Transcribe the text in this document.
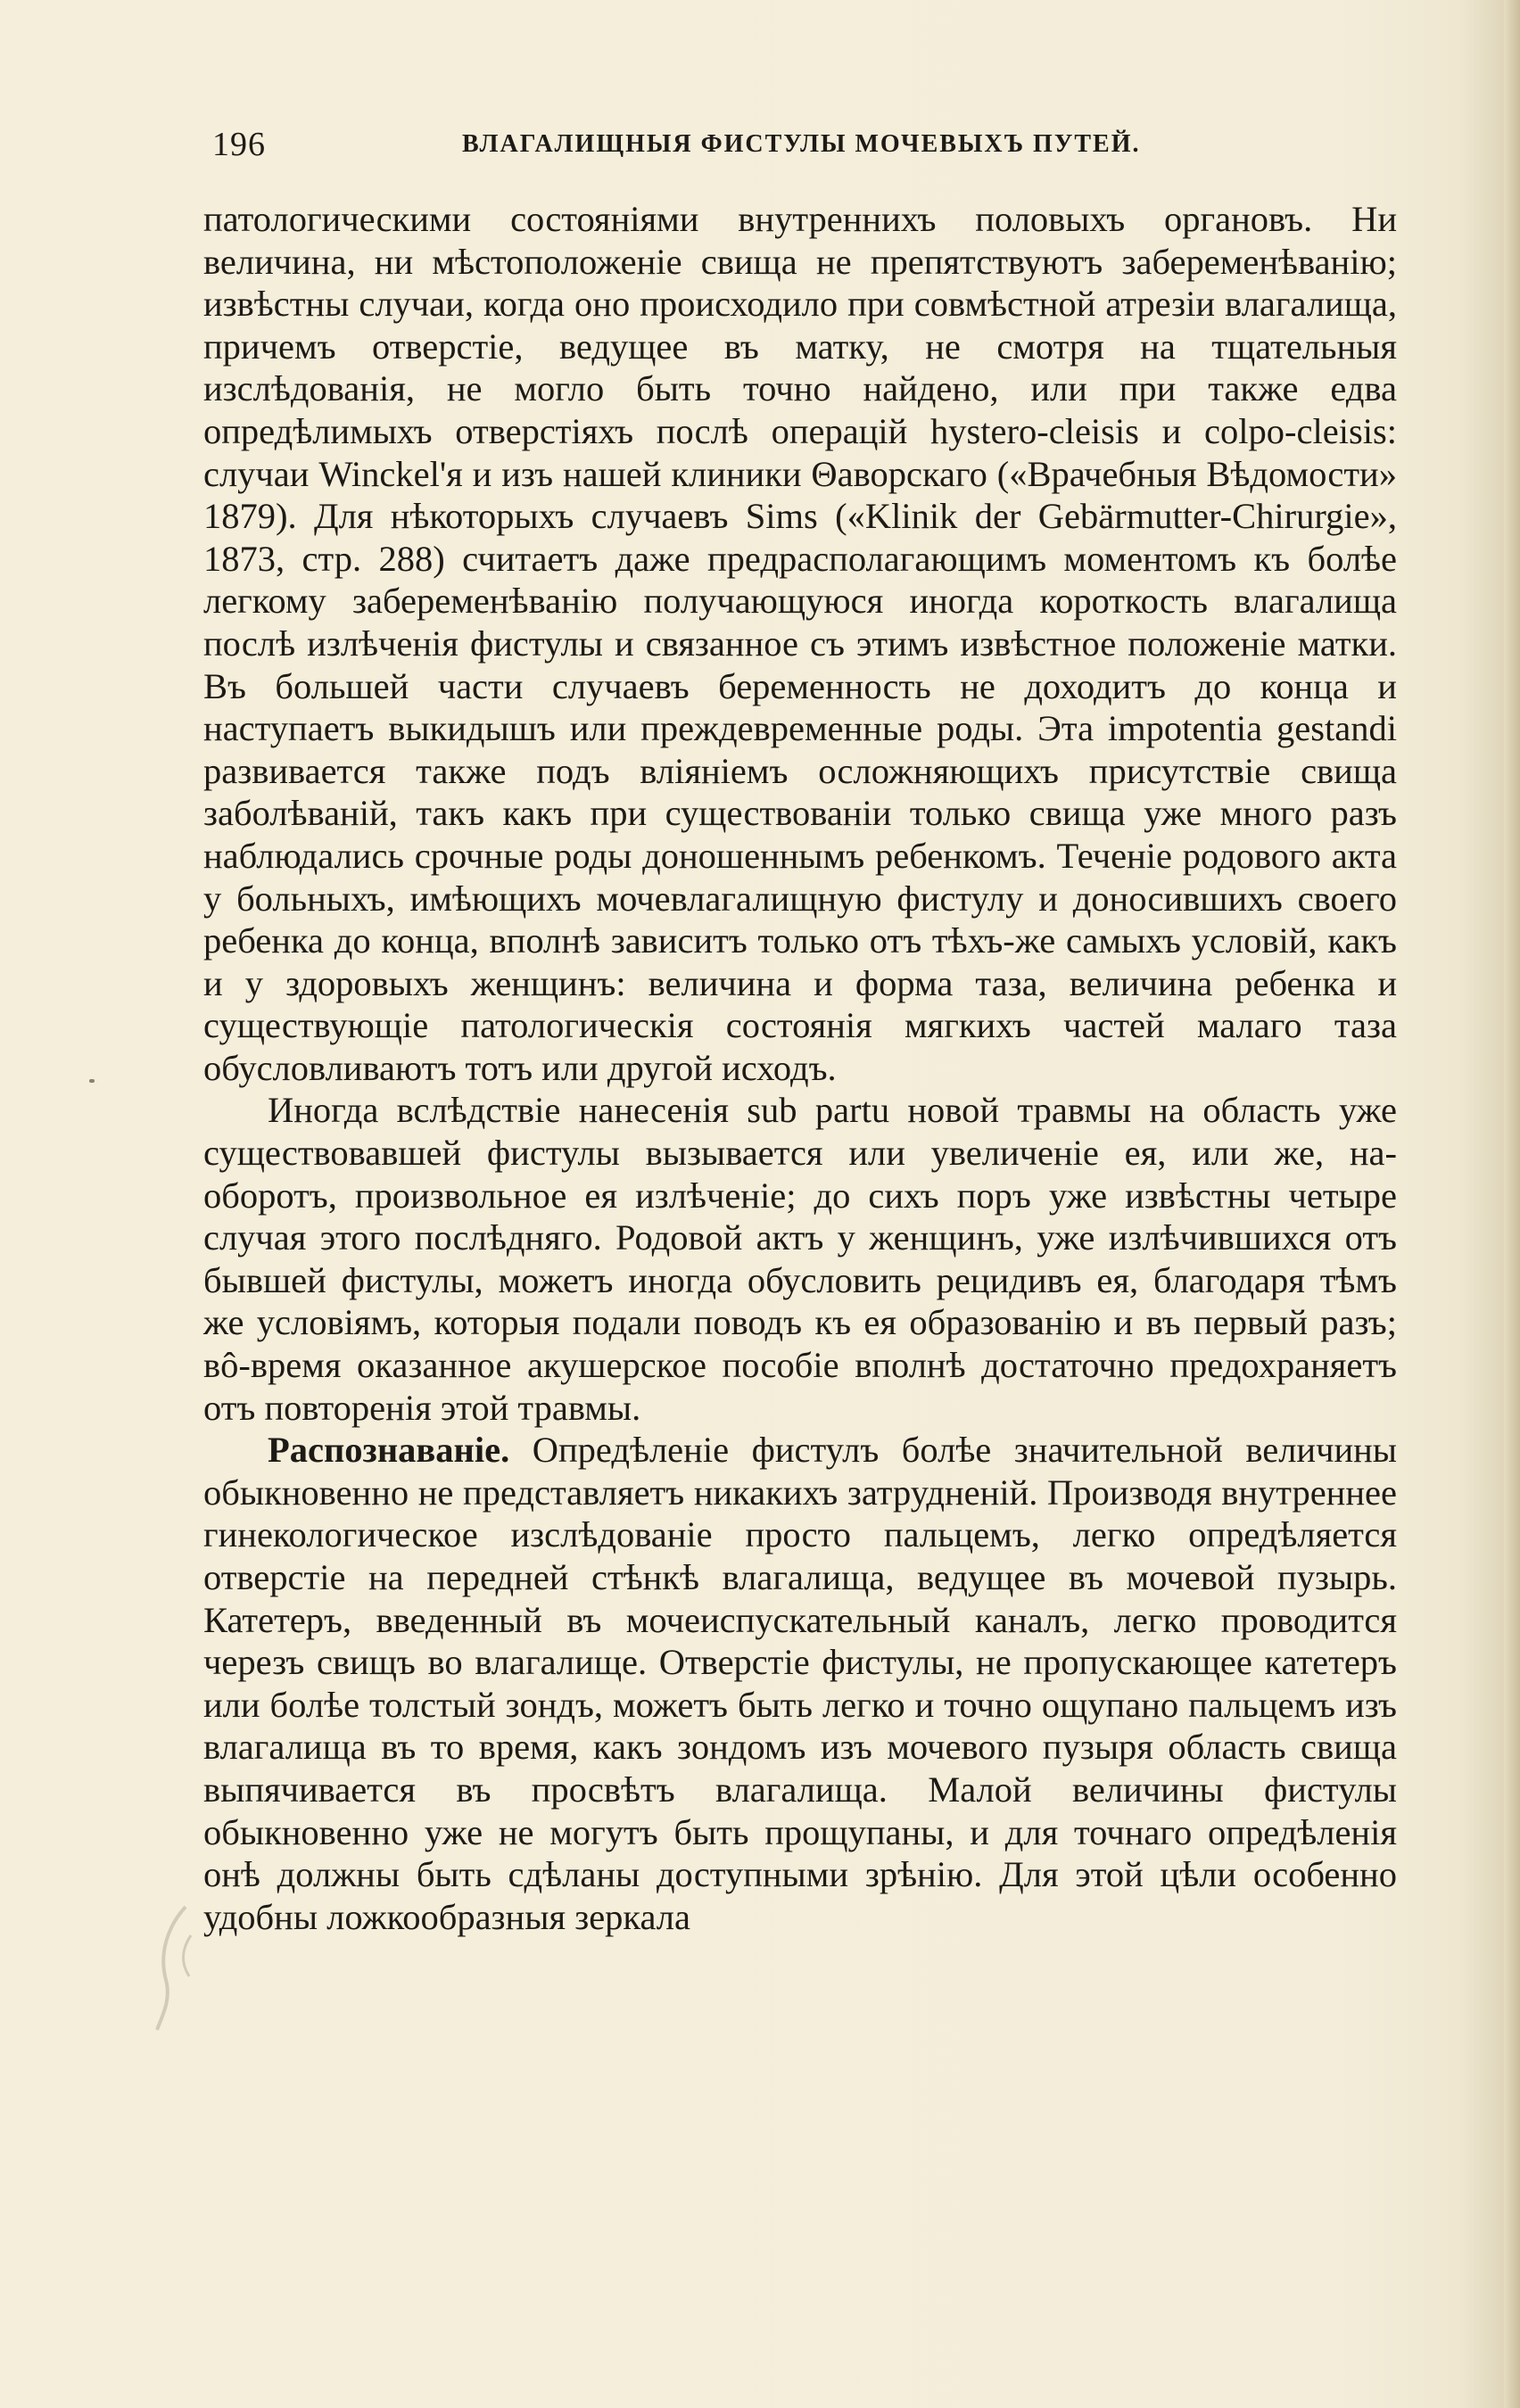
196	ВЛАГАЛИЩНЫЯ ФИСТУЛЫ МОЧЕВЫХЪ ПУТЕЙ.

патологическими состояніями внутреннихъ половыхъ органовъ. Ни величина, ни мѣстоположеніе свища не препятствуютъ забеременѣванію; извѣстны случаи, когда оно происходило при совмѣстной атрезіи влагалища, причемъ отверстіе, ведущее въ матку, не смотря на тщательныя изслѣдованія, не могло быть точно найдено, или при также едва опредѣлимыхъ отверстіяхъ послѣ операцій hystero-cleisis и colpo-cleisis: случаи Winckel'я и изъ нашей клиники Θаворскаго («Врачебныя Вѣдомости» 1879). Для нѣкоторыхъ случаевъ Sims («Klinik der Gebärmutter-Chirurgie», 1873, стр. 288) считаетъ даже предрасполагающимъ моментомъ къ болѣе легкому забеременѣванію получающуюся иногда короткость влагалища послѣ излѣченія фистулы и связанное съ этимъ извѣстное положеніе матки. Въ большей части случаевъ беременность не доходитъ до конца и наступаетъ выкидышъ или преждевременные роды. Эта impotentia gestandi развивается также подъ вліяніемъ осложняющихъ присутствіе свища заболѣваній, такъ какъ при существованіи только свища уже много разъ наблюдались срочные роды доношеннымъ ребенкомъ. Теченіе родового акта у больныхъ, имѣющихъ мочевлагалищную фистулу и доносившихъ своего ребенка до конца, вполнѣ зависитъ только отъ тѣхъ-же самыхъ условій, какъ и у здоровыхъ женщинъ: величина и форма таза, величина ребенка и существующіе патологическія состоянія мягкихъ частей малаго таза обусловливаютъ тотъ или другой исходъ.

Иногда вслѣдствіе нанесенія sub partu новой травмы на область уже существовавшей фистулы вызывается или увеличеніе ея, или же, на-оборотъ, произвольное ея излѣченіе; до сихъ поръ уже извѣстны четыре случая этого послѣдняго. Родовой актъ у женщинъ, уже излѣчившихся отъ бывшей фистулы, можетъ иногда обусловить рецидивъ ея, благодаря тѣмъ же условіямъ, которыя подали поводъ къ ея образованію и въ первый разъ; вô-время оказанное акушерское пособіе вполнѣ достаточно предохраняетъ отъ повторенія этой травмы.

Распознаваніе. Опредѣленіе фистулъ болѣе значительной величины обыкновенно не представляетъ никакихъ затрудненій. Производя внутреннее гинекологическое изслѣдованіе просто пальцемъ, легко опредѣляется отверстіе на передней стѣнкѣ влагалища, ведущее въ мочевой пузырь. Катетеръ, введенный въ мочеиспускательный каналъ, легко проводится черезъ свищъ во влагалище. Отверстіе фистулы, не пропускающее катетеръ или болѣе толстый зондъ, можетъ быть легко и точно ощупано пальцемъ изъ влагалища въ то время, какъ зондомъ изъ мочевого пузыря область свища выпячивается въ просвѣтъ влагалища. Малой величины фистулы обыкновенно уже не могутъ быть прощупаны, и для точнаго опредѣленія онѣ должны быть сдѣланы доступными зрѣнію. Для этой цѣли особенно удобны ложкообразныя зеркала
